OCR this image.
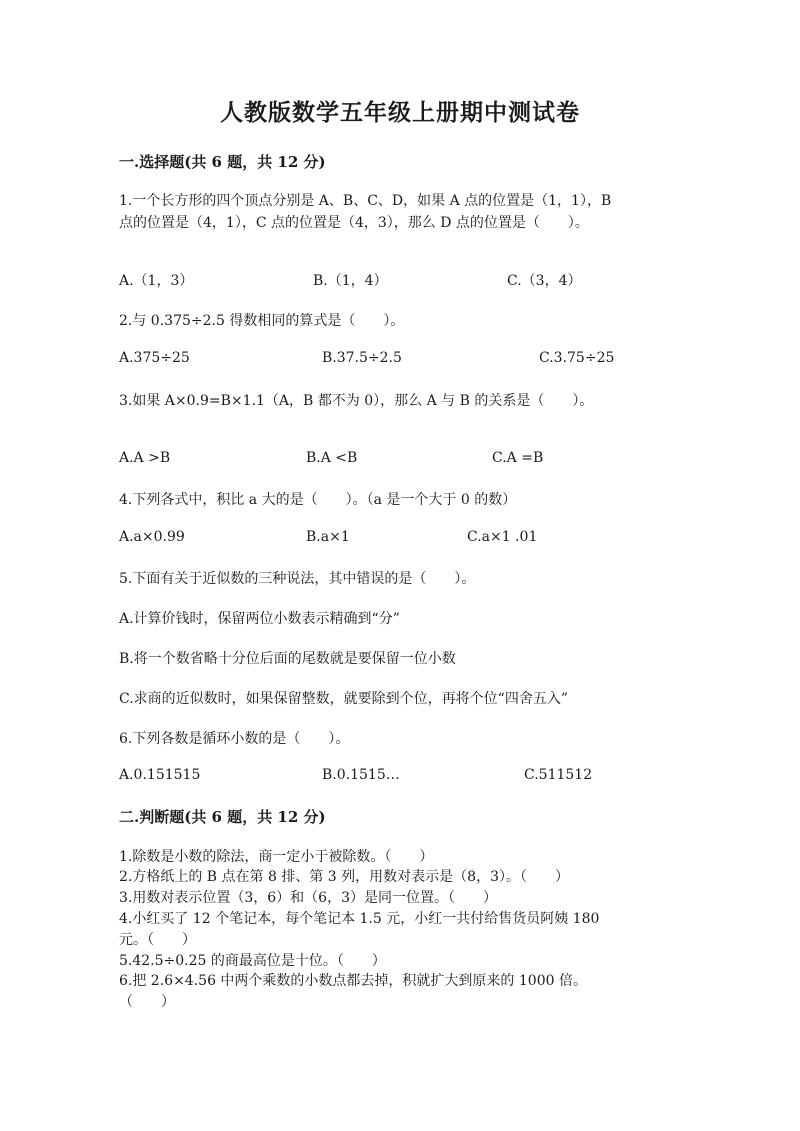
人教版数学五年级上册期中测试卷
一.选择题(共 6 题，共 12 分)
1.一个长方形的四个顶点分别是 A、B、C、D，如果 A 点的位置是（1，1），B
点的位置是（4，1），C 点的位置是（4，3），那么 D 点的位置是（　　）。
A.（1，3）	B.（1，4）	C.（3，4）
2.与 0.375÷2.5 得数相同的算式是（　　）。
A.375÷25	B.37.5÷2.5	C.3.75÷25
3.如果 A×0.9=B×1.1（A，B 都不为 0），那么 A 与 B 的关系是（　　）。
A.A >B	B.A <B	C.A =B
4.下列各式中，积比 a 大的是（　　）。（a 是一个大于 0 的数）
A.a×0.99	B.a×1	C.a×1 .01
5.下面有关于近似数的三种说法，其中错误的是（　　）。
A.计算价钱时，保留两位小数表示精确到“分”
B.将一个数省略十分位后面的尾数就是要保留一位小数
C.求商的近似数时，如果保留整数，就要除到个位，再将个位“四舍五入”
6.下列各数是循环小数的是（　　）。
A.0.151515	B.0.1515…	C.511512
二.判断题(共 6 题，共 12 分)
1.除数是小数的除法，商一定小于被除数。（　　）
2.方格纸上的 B 点在第 8 排、第 3 列，用数对表示是（8，3）。（　　）
3.用数对表示位置（3，6）和（6，3）是同一位置。（　　）
4.小红买了 12 个笔记本，每个笔记本 1.5 元，小红一共付给售货员阿姨 180
元。（　　）
5.42.5÷0.25 的商最高位是十位。（　　）
6.把 2.6×4.56 中两个乘数的小数点都去掉，积就扩大到原来的 1000 倍。
（　　）
